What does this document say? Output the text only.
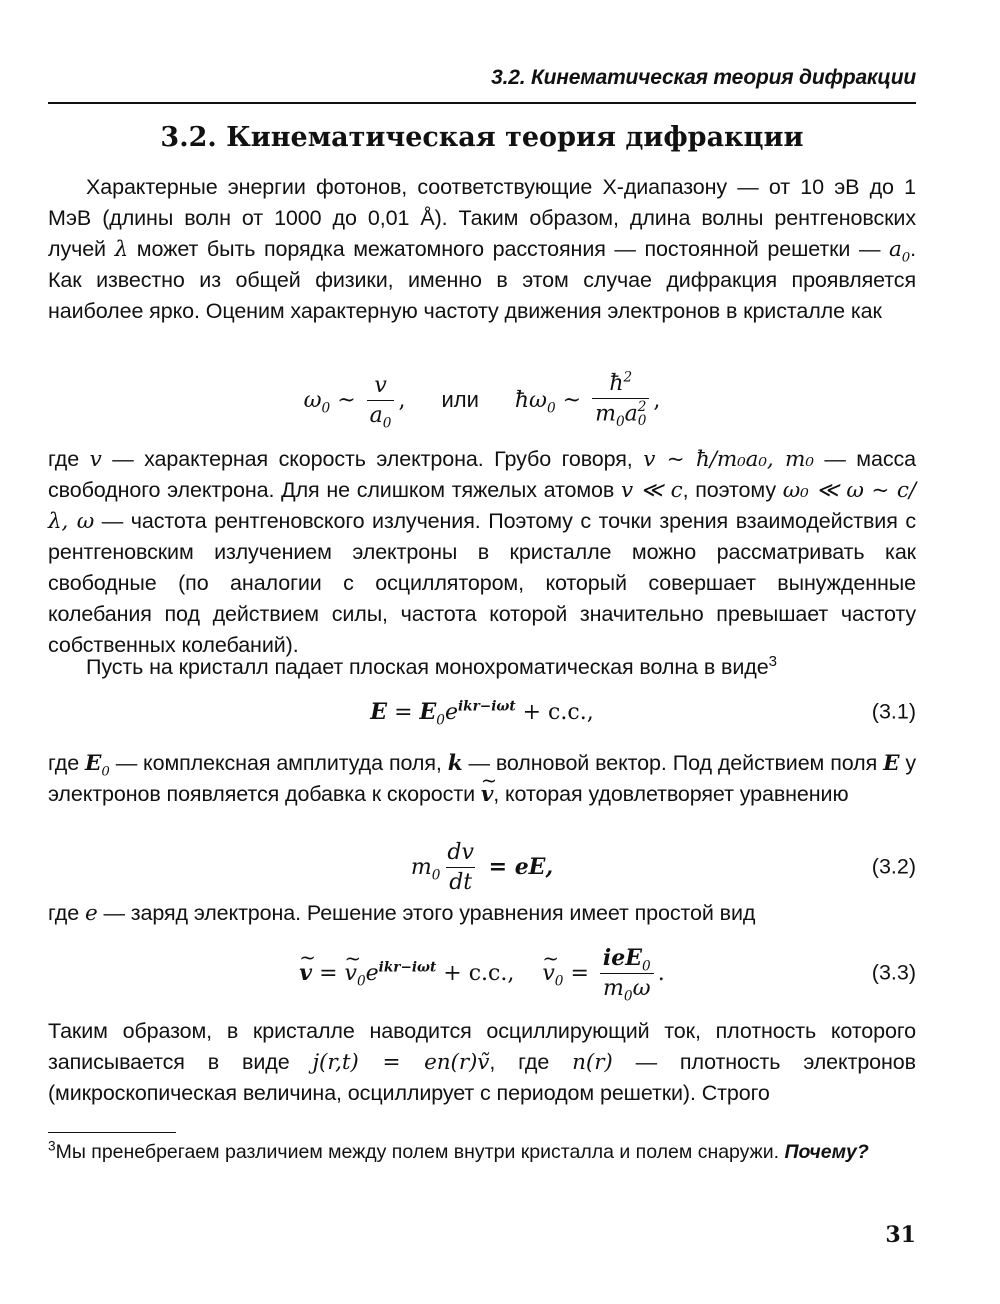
3.2. Кинематическая теория дифракции
3.2. Кинематическая теория дифракции
Характерные энергии фотонов, соответствующие X-диапазону — от 10 эВ до 1 МэВ (длины волн от 1000 до 0,01 Å). Таким образом, длина волны рентгеновских лучей λ может быть порядка межатомного расстояния — постоянной решетки — $a_0$. Как известно из общей физики, именно в этом случае дифракция проявляется наиболее ярко. Оценим характерную частоту движения электронов в кристалле как
$\omega_0$ ~ $\frac{v}{a_0}$ , или $ħ\omega_0$ ~ $ħ^2$
$m_0a$ 2
0 ,
где v — характерная скорость электрона. Грубо говоря, v ~ ħ/m₀a₀, m₀ — масса свободного электрона. Для не слишком тяжелых атомов v ≪ c, поэтому ω₀ ≪ ω ~ c/λ, ω — частота рентгеновского излучения. Поэтому с точки зрения взаимодействия с рентгеновским излучением электроны в кристалле можно рассматривать как свободные (по аналогии с осциллятором, который совершает вынужденные колебания под действием силы, частота которой значительно превышает частоту собственных колебаний).
Пусть на кристалл падает плоская монохроматическая волна в виде$^3$
$E = E_0$ $e^{ikr-i\omega t} + c.c$.,	(3.1)
где $E_0$ — комплексная амплитуда поля, k — волновой вектор. Под действием поля E у электронов появляется добавка к скорости ~ v, которая удовлетворяет уравнению
$m_0 \frac{dv}{dt}$ = eE,	(3.2)
где e — заряд электрона. Решение этого уравнения имеет простой вид
~ v = ~ $v_0$ $e^{ikr-i\omega t} + c.c$., ~ $v_0 = \frac{ieE_0}{m_0\omega}$ .	(3.3)
Таким образом, в кристалле наводится осциллирующий ток, плотность которого записывается в виде j(r,t) = en(r)ṽ, где n(r) — плотность электронов (микроскопическая величина, осциллирует с периодом решетки). Строго
$^3$Мы пренебрегаем различием между полем внутри кристалла и полем снаружи. Почему?
31
